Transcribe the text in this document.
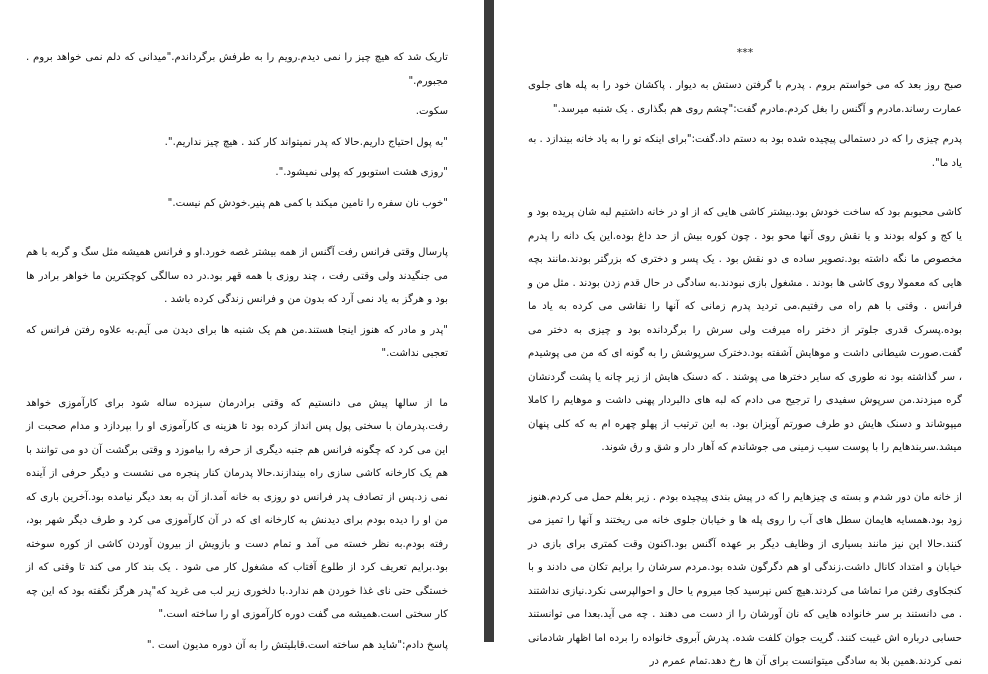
تاریک شد که هیچ چیز را نمی دیدم.رویم را به طرفش برگرداندم."میدانی که دلم نمی خواهد بروم . مجبورم."

سکوت.

"به پول احتیاج داریم.حالا که پدر نمیتواند کار کند . هیچ چیز نداریم.".

"روزی هشت استوبور که پولی نمیشود.".

"خوب نان سفره را تامین میکند با کمی هم پنیر.خودش کم نیست."

پارسال وقتی فرانس رفت آگنس از همه بیشتر غصه خورد.او و فرانس همیشه مثل سگ و گربه با هم می جنگیدند ولی وقتی رفت ، چند روزی با همه قهر بود.در ده سالگی کوچکترین ما خواهر برادر ها بود و هرگز به یاد نمی آرد که بدون من و فرانس زندگی کرده باشد .

"پدر و مادر که هنوز اینجا هستند.من هم یک شنبه ها برای دیدن می آیم.به علاوه رفتن فرانس که تعجبی نداشت."

ما از سالها پیش می دانستیم که وقتی برادرمان سیزده ساله شود برای کارآموزی خواهد رفت.پدرمان با سختی پول پس انداز کرده بود تا هزینه ی کارآموزی او را بپردازد و مدام صحبت از این می کرد که چگونه فرانس هم جنبه دیگری از حرفه را بیاموزد و وقتی برگشت آن دو می توانند با هم یک کارخانه کاشی سازی راه بیندازند.حالا پدرمان کنار پنجره می نشست و دیگر حرفی از آینده نمی زد.پس از تصادف پدر فرانس دو روزی به خانه آمد.از آن به بعد دیگر نیامده بود.آخرین باری که من او را دیده بودم برای دیدنش به کارخانه ای که در آن کارآموزی می کرد و طرف دیگر شهر بود، رفته بودم.به نظر خسته می آمد و تمام دست و بازویش از بیرون آوردن کاشی از کوره سوخته بود.برایم تعریف کرد از طلوع آفتاب که مشغول کار می شود . یک بند کار می کند تا وقتی که از خستگی حتی نای غذا خوردن هم ندارد.با دلخوری زیر لب می غرید که"پدر هرگز نگفته بود که این چه کار سختی است.همیشه می گفت دوره کارآموزی او را ساخته است."

پاسخ دادم:"شاید هم ساخته است.قابلیتش را به آن دوره مدیون است ."

***

صبح روز بعد که می خواستم بروم . پدرم با گرفتن دستش به دیوار . پاکشان خود را به پله های جلوی عمارت رساند.مادرم و آگنس را بغل کردم.مادرم گفت:"چشم روی هم بگذاری . یک شنبه میرسد."

پدرم چیزی را که در دستمالی پیچیده شده بود به دستم داد.گفت:"برای اینکه تو را به یاد خانه بیندازد . به یاد ما".

کاشی محبوبم بود که ساخت خودش بود.بیشتر کاشی هایی که از او در خانه داشتیم لبه شان پریده بود و یا کج و کوله بودند و یا نقش روی آنها محو بود . چون کوره بیش از حد داغ بوده.این یک دانه را پدرم مخصوص ما نگه داشته بود.تصویر ساده ی دو نقش بود . یک پسر و دختری که بزرگتر بودند.مانند بچه هایی که معمولا روی کاشی ها بودند . مشغول بازی نبودند.به سادگی در حال قدم زدن بودند . مثل من و فرانس . وقتی با هم راه می رفتیم.می تردید پدرم زمانی که آنها را نقاشی می کرده به یاد ما بوده.پسرک قدری جلوتر از دختر راه میرفت ولی سرش را برگردانده بود و چیزی به دختر می گفت.صورت شیطانی داشت و موهایش آشفته بود.دخترک سرپوشش را به گونه ای که من می پوشیدم ، سر گذاشته بود نه طوری که سایر دخترها می پوشند . که دسنک هایش از زیر چانه یا پشت گردنشان گره میزدند.من سرپوش سفیدی را ترجیح می دادم که لبه های دالبردار پهنی داشت و موهایم را کاملا میپوشاند و دسنک هایش دو طرف صورتم آویزان بود. به این ترتیب از پهلو چهره ام به که کلی پنهان میشد.سربندهایم را با پوست سیب زمینی می جوشاندم که آهار دار و شق و رق شوند.

از خانه مان دور شدم و بسته ی چیزهایم را که در پیش بندی پیچیده بودم . زیر بغلم حمل می کردم.هنوز زود بود.همسایه هایمان سطل های آب را روی پله ها و خیابان جلوی خانه می ریختند و آنها را تمیز می کنند.حالا این نیز مانند بسیاری از وظایف دیگر بر عهده آگنس بود.اکنون وقت کمتری برای بازی در خیابان و امتداد کانال داشت.زندگی او هم دگرگون شده بود.مردم سرشان را برایم تکان می دادند و با کنجکاوی رفتن مرا تماشا می کردند.هیچ کس نپرسید کجا میروم یا حال و احوالپرسی نکرد.نیازی نداشتند . می دانستند بر سر خانواده هایی که نان آورشان را از دست می دهند . چه می آید.بعدا می توانستند حسابی درباره اش غیبت کنند. گریت جوان کلفت شده. پدرش آبروی خانواده را برده اما اظهار شادمانی نمی کردند.همین بلا به سادگی میتوانست برای آن ها رخ دهد.تمام عمرم در
